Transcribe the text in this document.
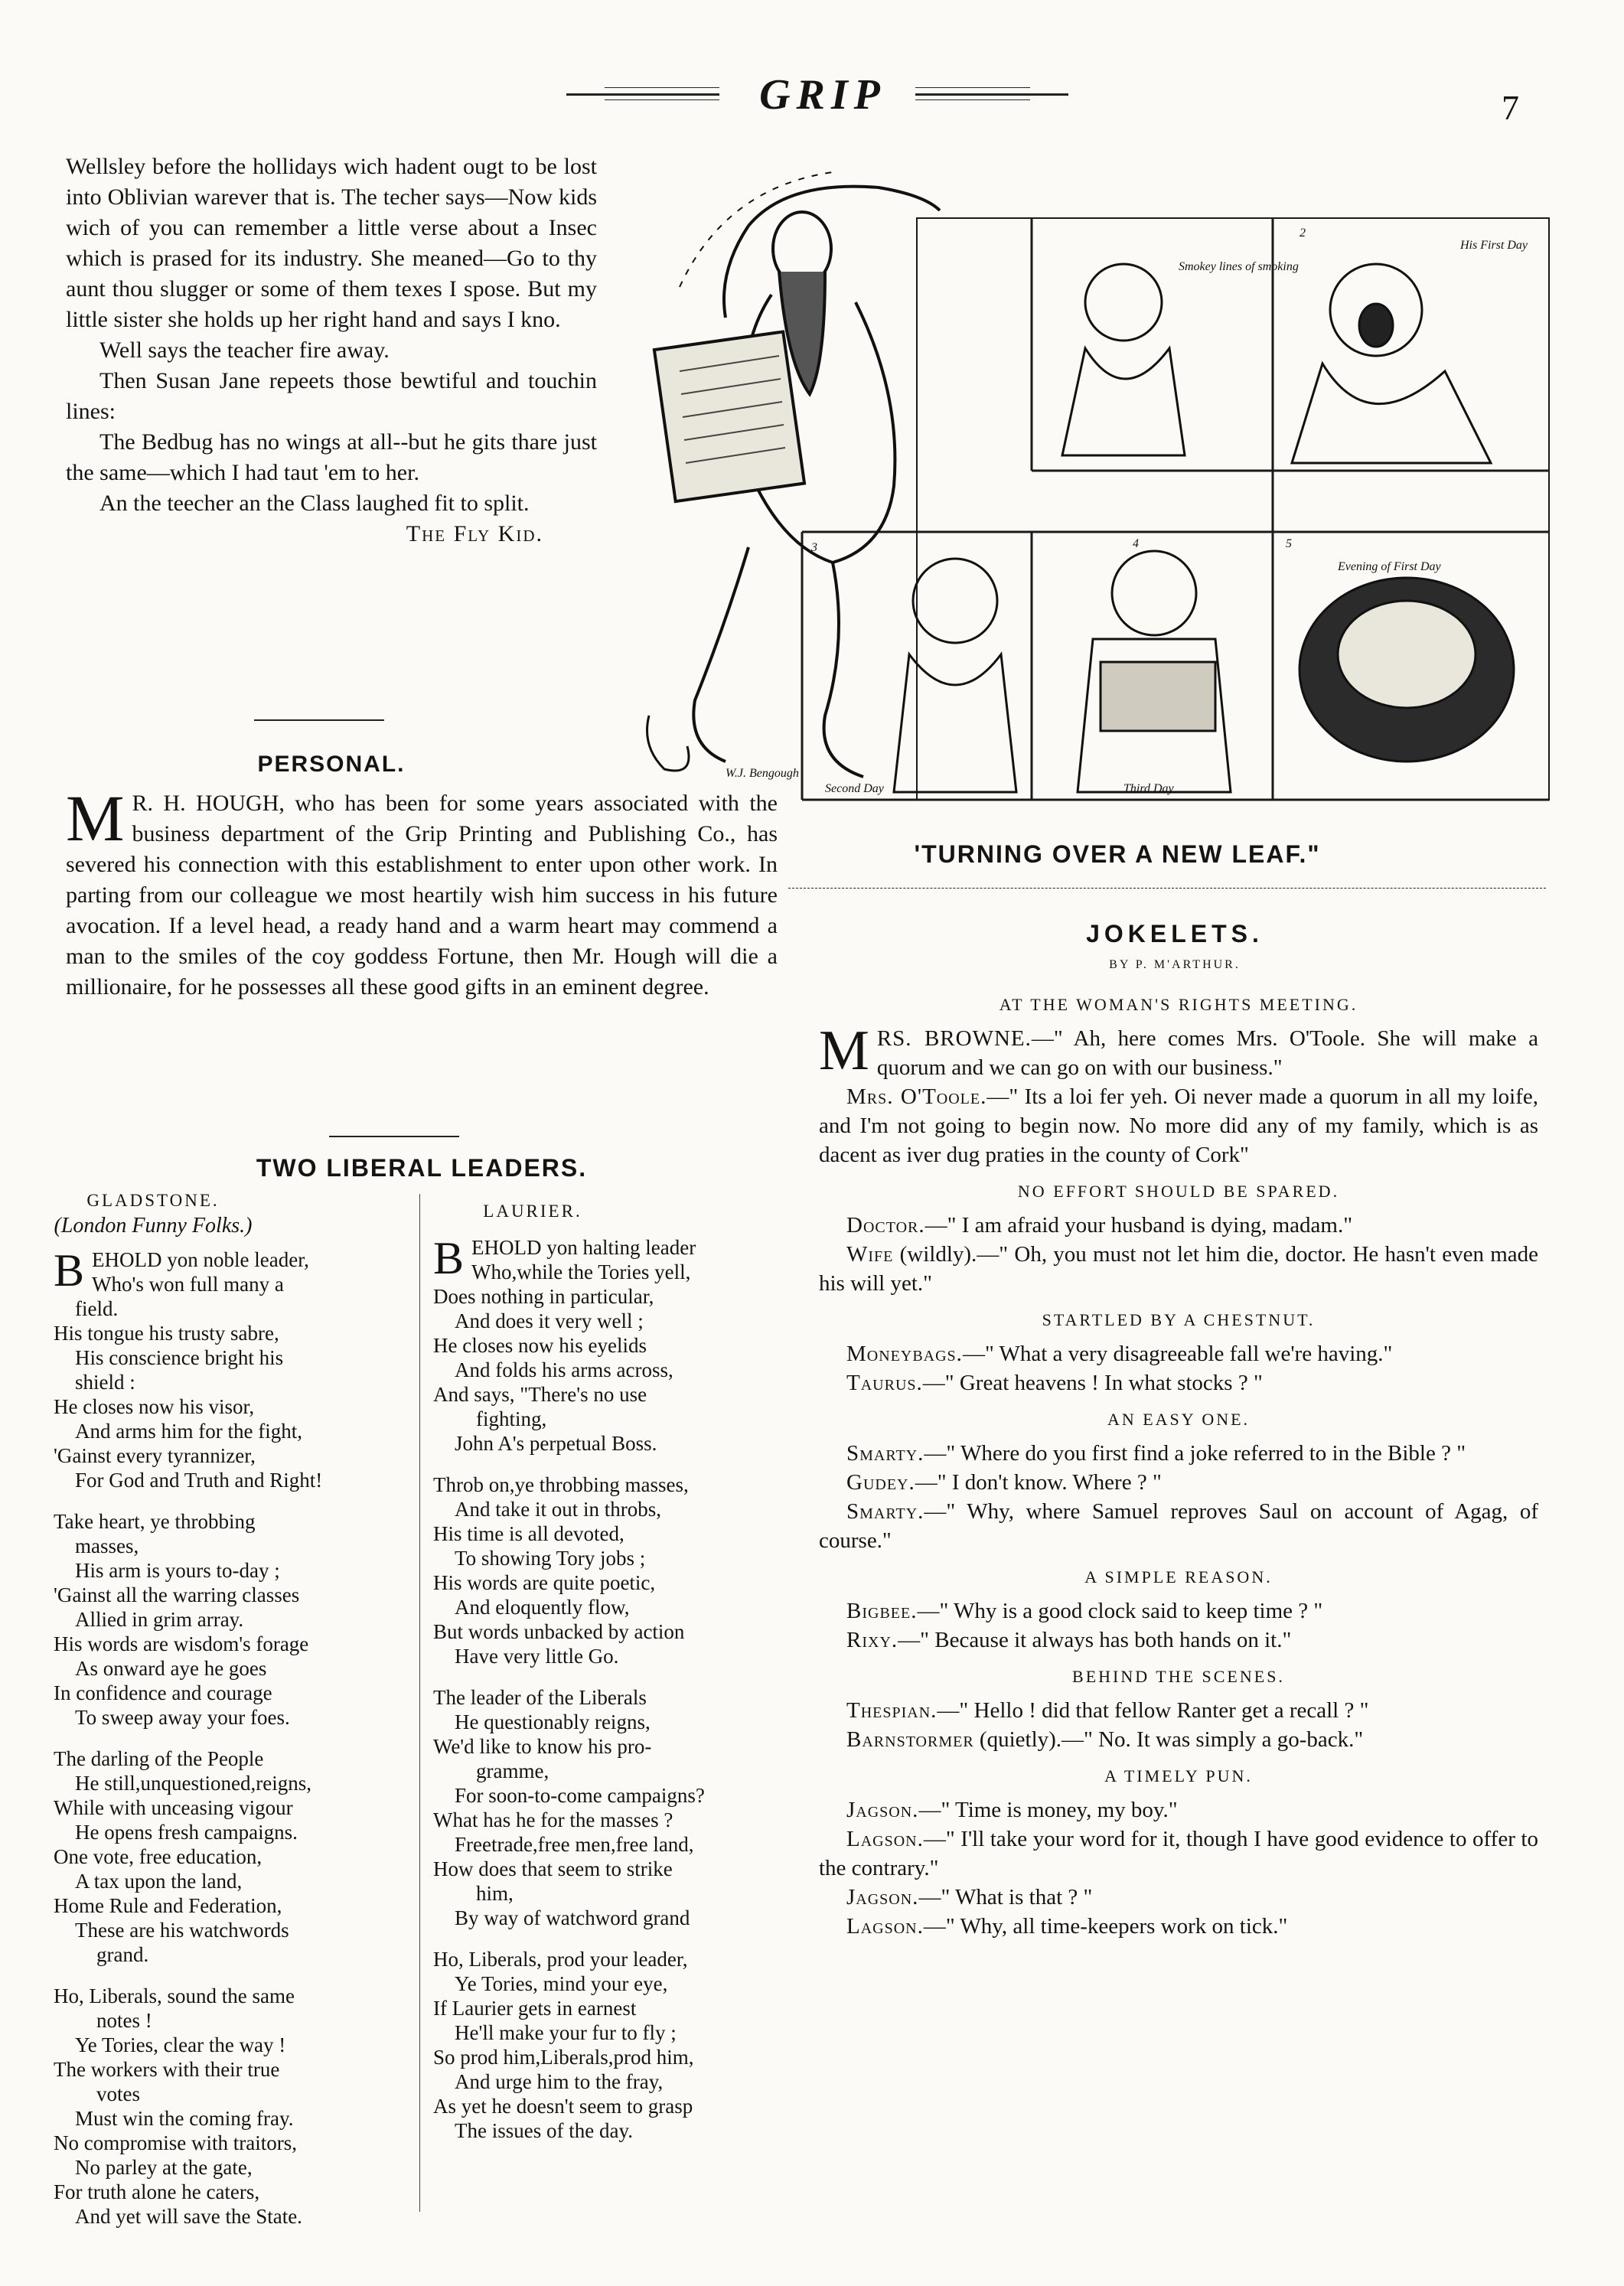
GRIP	7

Wellsley before the hollidays wich hadent ougt to be lost into Oblivian warever that is. The techer says—Now kids wich of you can remember a little verse about a Insec which is prased for its industry. She meaned—Go to thy aunt thou slugger or some of them texes I spose. But my little sister she holds up her right hand and says I kno.

Well says the teacher fire away.

Then Susan Jane repeets those bewtiful and touchin lines:

The Bedbug has no wings at all--but he gits thare just the same—which I had taut 'em to her.

An the teecher an the Class laughed fit to split.

The Fly Kid.

PERSONAL.
M R. H. HOUGH, who has been for some years associated with the business department of the Grip Printing and Publishing Co., has severed his connection with this establishment to enter upon other work. In parting from our colleague we most heartily wish him success in his future avocation. If a level head, a ready hand and a warm heart may commend a man to the smiles of the coy goddess Fortune, then Mr. Hough will die a millionaire, for he possesses all these good gifts in an eminent degree.
TWO LIBERAL LEADERS.
GLADSTONE.
(London Funny Folks.)
BEHOLD yon noble leader,
Who's won full many a
field.
His tongue his trusty sabre,
His conscience bright his
shield :
He closes now his visor,
And arms him for the fight,
'Gainst every tyrannizer,
For God and Truth and Right!
Take heart, ye throbbing
masses,
His arm is yours to-day ;
'Gainst all the warring classes
Allied in grim array.
His words are wisdom's forage
As onward aye he goes
In confidence and courage
To sweep away your foes.
The darling of the People
He still,unquestioned,reigns,
While with unceasing vigour
He opens fresh campaigns.
One vote, free education,
A tax upon the land,
Home Rule and Federation,
These are his watchwords
grand.
Ho, Liberals, sound the same
notes !
Ye Tories, clear the way !
The workers with their true
votes
Must win the coming fray.
No compromise with traitors,
No parley at the gate,
For truth alone he caters,
And yet will save the State.
LAURIER.
BEHOLD yon halting leader
Who,while the Tories yell,
Does nothing in particular,
And does it very well ;
He closes now his eyelids
And folds his arms across,
And says, "There's no use
fighting,
John A's perpetual Boss.
Throb on,ye throbbing masses,
And take it out in throbs,
His time is all devoted,
To showing Tory jobs ;
His words are quite poetic,
And eloquently flow,
But words unbacked by action
Have very little Go.
The leader of the Liberals
He questionably reigns,
We'd like to know his pro-
gramme,
For soon-to-come campaigns?
What has he for the masses ?
Freetrade,free men,free land,
How does that seem to strike
him,
By way of watchword grand
Ho, Liberals, prod your leader,
Ye Tories, mind your eye,
If Laurier gets in earnest
He'll make your fur to fly ;
So prod him,Liberals,prod him,
And urge him to the fray,
As yet he doesn't seem to grasp
The issues of the day.
Smokey lines of smoking
2
His First Day
3	4	5
Evening of First Day
Second Day	Third Day
W.J. Bengough
'TURNING OVER A NEW LEAF."
JOKELETS.
BY P. M'ARTHUR.
AT THE WOMAN'S RIGHTS MEETING.
MRS. BROWNE.—" Ah, here comes Mrs. O'Toole. She will make a quorum and we can go on with our business."
Mrs. O'Toole.—" Its a loi fer yeh. Oi never made a quorum in all my loife, and I'm not going to begin now. No more did any of my family, which is as dacent as iver dug praties in the county of Cork"
NO EFFORT SHOULD BE SPARED.
Doctor.—" I am afraid your husband is dying, madam."
Wife (wildly).—" Oh, you must not let him die, doctor. He hasn't even made his will yet."
STARTLED BY A CHESTNUT.
Moneybags.—" What a very disagreeable fall we're having."
Taurus.—" Great heavens ! In what stocks ? "
AN EASY ONE.
Smarty.—" Where do you first find a joke referred to in the Bible ? "
Gudey.—" I don't know. Where ? "
Smarty.—" Why, where Samuel reproves Saul on account of Agag, of course."
A SIMPLE REASON.
Bigbee.—" Why is a good clock said to keep time ? "
Rixy.—" Because it always has both hands on it."
BEHIND THE SCENES.
Thespian.—" Hello ! did that fellow Ranter get a recall ? "
Barnstormer (quietly).—" No. It was simply a go-back."
A TIMELY PUN.
Jagson.—" Time is money, my boy."
Lagson.—" I'll take your word for it, though I have good evidence to offer to the contrary."
Jagson.—" What is that ? "
Lagson.—" Why, all time-keepers work on tick."
